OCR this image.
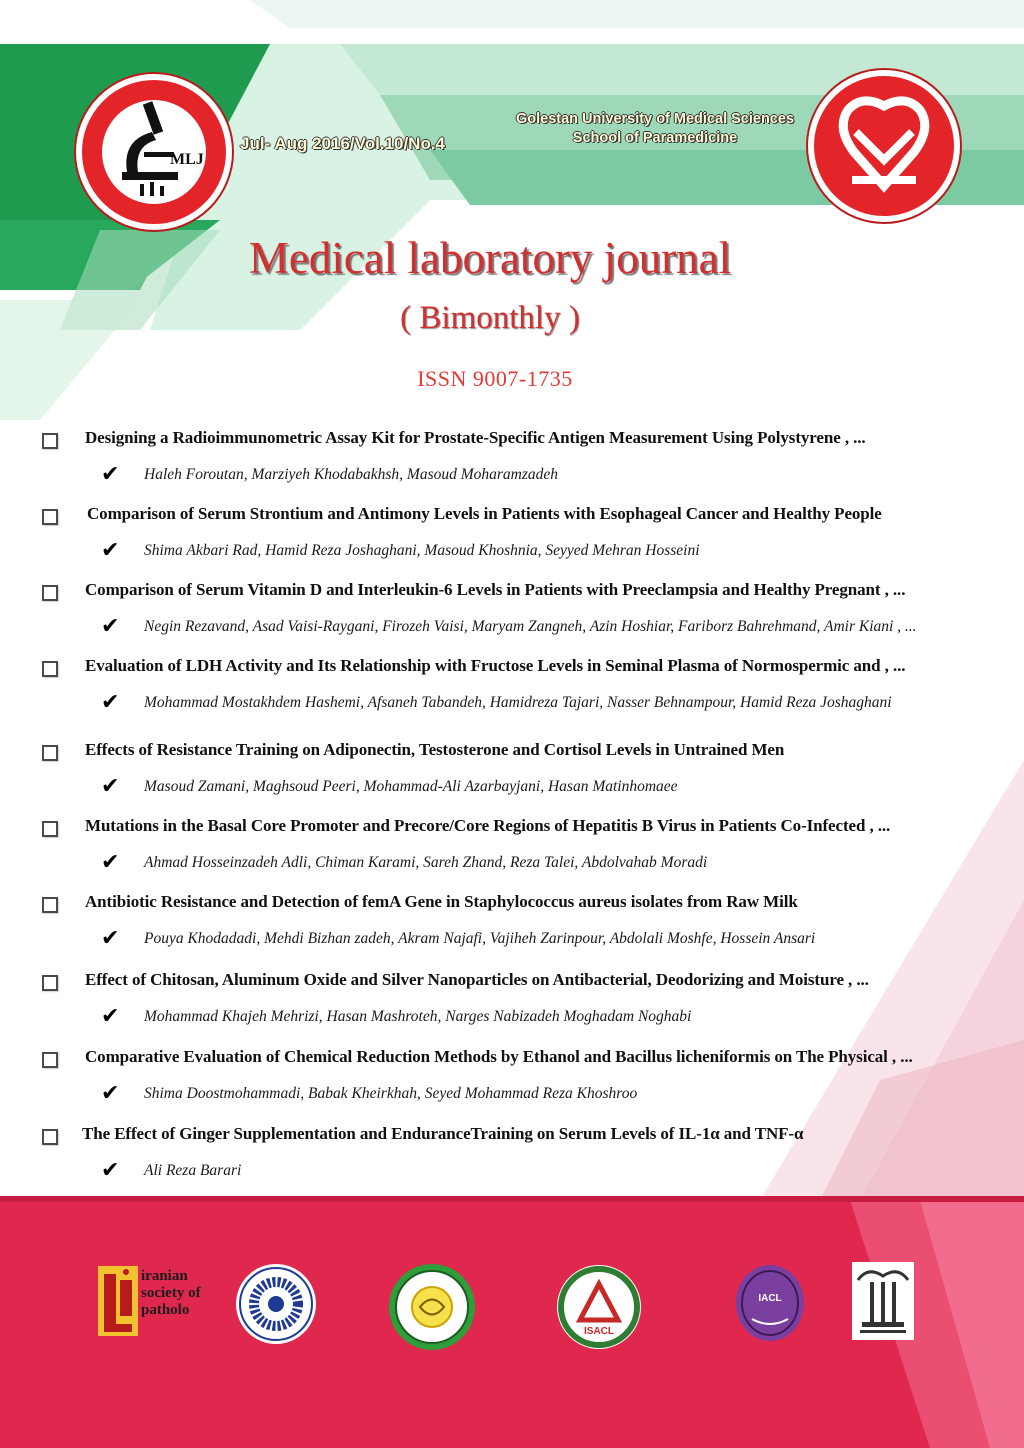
MLJ
Jul- Aug 2016/Vol.10/No.4
Golestan University of Medical Sciences
School of Paramedicine
Medical laboratory journal
( Bimonthly )
ISSN 9007-1735
Designing a Radioimmunometric Assay Kit for Prostate-Specific Antigen Measurement Using Polystyrene , ...
✔ Haleh Foroutan, Marziyeh Khodabakhsh, Masoud Moharamzadeh
Comparison of Serum Strontium and Antimony Levels in Patients with Esophageal Cancer and Healthy People
✔ Shima Akbari Rad, Hamid Reza Joshaghani, Masoud Khoshnia, Seyyed Mehran Hosseini
Comparison of Serum Vitamin D and Interleukin-6 Levels in Patients with Preeclampsia and Healthy Pregnant , ...
✔ Negin Rezavand, Asad Vaisi-Raygani, Firozeh Vaisi, Maryam Zangneh, Azin Hoshiar, Fariborz Bahrehmand, Amir Kiani , ...
Evaluation of LDH Activity and Its Relationship with Fructose Levels in Seminal Plasma of Normospermic and , ...
✔ Mohammad Mostakhdem Hashemi, Afsaneh Tabandeh, Hamidreza Tajari, Nasser Behnampour, Hamid Reza Joshaghani
Effects of Resistance Training on Adiponectin, Testosterone and Cortisol Levels in Untrained Men
✔ Masoud Zamani, Maghsoud Peeri, Mohammad-Ali Azarbayjani, Hasan Matinhomaee
Mutations in the Basal Core Promoter and Precore/Core Regions of Hepatitis B Virus in Patients Co-Infected , ...
✔ Ahmad Hosseinzadeh Adli, Chiman Karami, Sareh Zhand, Reza Talei, Abdolvahab Moradi
Antibiotic Resistance and Detection of femA Gene in Staphylococcus aureus isolates from Raw Milk
✔ Pouya Khodadadi, Mehdi Bizhan zadeh, Akram Najafi, Vajiheh Zarinpour, Abdolali Moshfe, Hossein Ansari
Effect of Chitosan, Aluminum Oxide and Silver Nanoparticles on Antibacterial, Deodorizing and Moisture , ...
✔ Mohammad Khajeh Mehrizi, Hasan Mashroteh, Narges Nabizadeh Moghadam Noghabi
Comparative Evaluation of Chemical Reduction Methods by Ethanol and Bacillus licheniformis on The Physical , ...
✔ Shima Doostmohammadi, Babak Kheirkhah, Seyed Mohammad Reza Khoshroo
The Effect of Ginger Supplementation and EnduranceTraining on Serum Levels of IL-1α and TNF-α
✔ Ali Reza Barari
iranian
society of
patholo
ISACL
IACL
